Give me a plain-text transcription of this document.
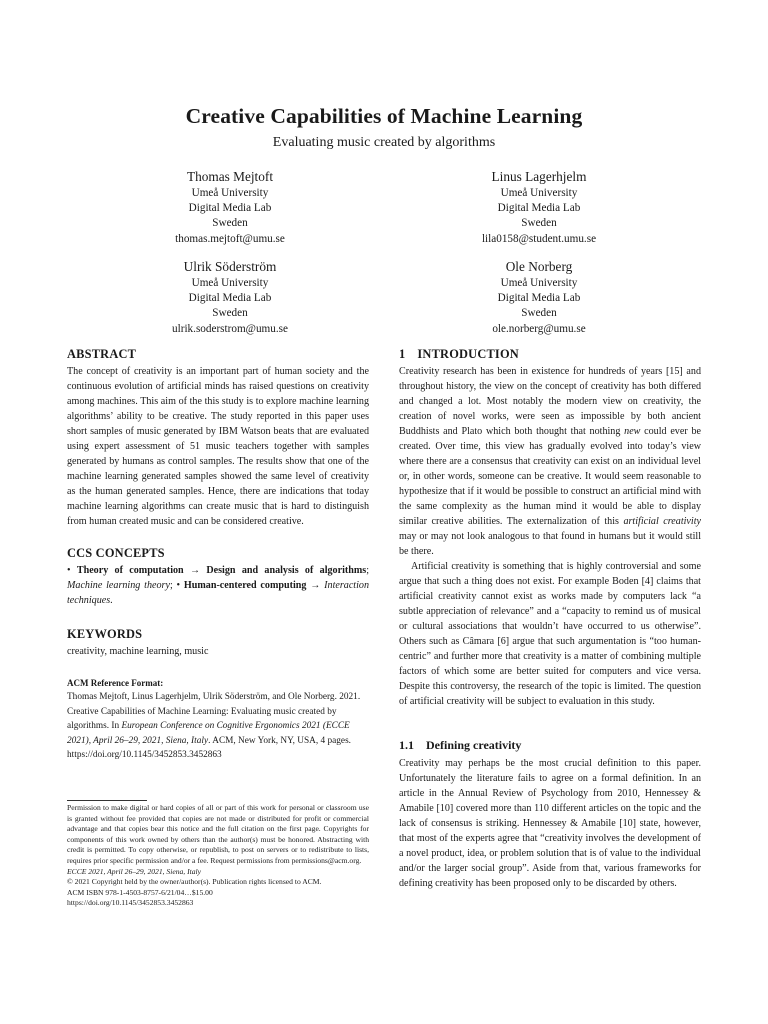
Creative Capabilities of Machine Learning
Evaluating music created by algorithms
Thomas Mejtoft
Umeå University
Digital Media Lab
Sweden
thomas.mejtoft@umu.se
Linus Lagerhjelm
Umeå University
Digital Media Lab
Sweden
lila0158@student.umu.se
Ulrik Söderström
Umeå University
Digital Media Lab
Sweden
ulrik.soderstrom@umu.se
Ole Norberg
Umeå University
Digital Media Lab
Sweden
ole.norberg@umu.se
ABSTRACT

The concept of creativity is an important part of human society and the continuous evolution of artificial minds has raised questions on creativity among machines. This aim of the this study is to explore machine learning algorithms’ ability to be creative. The study reported in this paper uses short samples of music generated by IBM Watson beats that are evaluated using expert assessment of 51 music teachers together with samples generated by humans as control samples. The results show that one of the machine learning generated samples showed the same level of creativity as the human generated samples. Hence, there are indications that today machine learning algorithms can create music that is hard to distinguish from human created music and can be considered creative.

CCS CONCEPTS

• Theory of computation → Design and analysis of algorithms; Machine learning theory; • Human-centered computing → Interaction techniques.

KEYWORDS

creativity, machine learning, music

ACM Reference Format:

Thomas Mejtoft, Linus Lagerhjelm, Ulrik Söderström, and Ole Norberg. 2021. Creative Capabilities of Machine Learning: Evaluating music created by algorithms. In European Conference on Cognitive Ergonomics 2021 (ECCE 2021), April 26–29, 2021, Siena, Italy. ACM, New York, NY, USA, 4 pages. https://doi.org/10.1145/3452853.3452863

Permission to make digital or hard copies of all or part of this work for personal or classroom use is granted without fee provided that copies are not made or distributed for profit or commercial advantage and that copies bear this notice and the full citation on the first page. Copyrights for components of this work owned by others than the author(s) must be honored. Abstracting with credit is permitted. To copy otherwise, or republish, to post on servers or to redistribute to lists, requires prior specific permission and/or a fee. Request permissions from permissions@acm.org.

ECCE 2021, April 26–29, 2021, Siena, Italy

© 2021 Copyright held by the owner/author(s). Publication rights licensed to ACM.

ACM ISBN 978-1-4503-8757-6/21/04…$15.00

https://doi.org/10.1145/3452853.3452863

1 INTRODUCTION

Creativity research has been in existence for hundreds of years [15] and throughout history, the view on the concept of creativity has both differed and changed a lot. Most notably the modern view on creativity, the creation of novel works, were seen as impossible by both ancient Buddhists and Plato which both thought that nothing new could ever be created. Over time, this view has gradually evolved into today’s view where there are a consensus that creativity can exist on an individual level or, in other words, someone can be creative. It would seem reasonable to hypothesize that if it would be possible to construct an artificial mind with the same complexity as the human mind it would be able to display similar creative abilities. The externalization of this artificial creativity may or may not look analogous to that found in humans but it would still be there.

Artificial creativity is something that is highly controversial and some argue that such a thing does not exist. For example Boden [4] claims that artificial creativity cannot exist as works made by computers lack “a subtle appreciation of relevance” and a “capacity to remind us of musical or cultural associations that wouldn’t have occurred to us otherwise”. Others such as Câmara [6] argue that such argumentation is “too human-centric” and further more that creativity is a matter of combining multiple factors of which some are better suited for computers and vice versa. Despite this controversy, the research of the topic is limited. The question of artificial creativity will be subject to evaluation in this study.

1.1 Defining creativity

Creativity may perhaps be the most crucial definition to this paper. Unfortunately the literature fails to agree on a formal definition. In an article in the Annual Review of Psychology from 2010, Hennessey & Amabile [10] covered more than 110 different articles on the topic and the lack of consensus is striking. Hennessey & Amabile [10] state, however, that most of the experts agree that “creativity involves the development of a novel product, idea, or problem solution that is of value to the individual and/or the larger social group”. Aside from that, various frameworks for defining creativity has been proposed only to be discarded by others.
